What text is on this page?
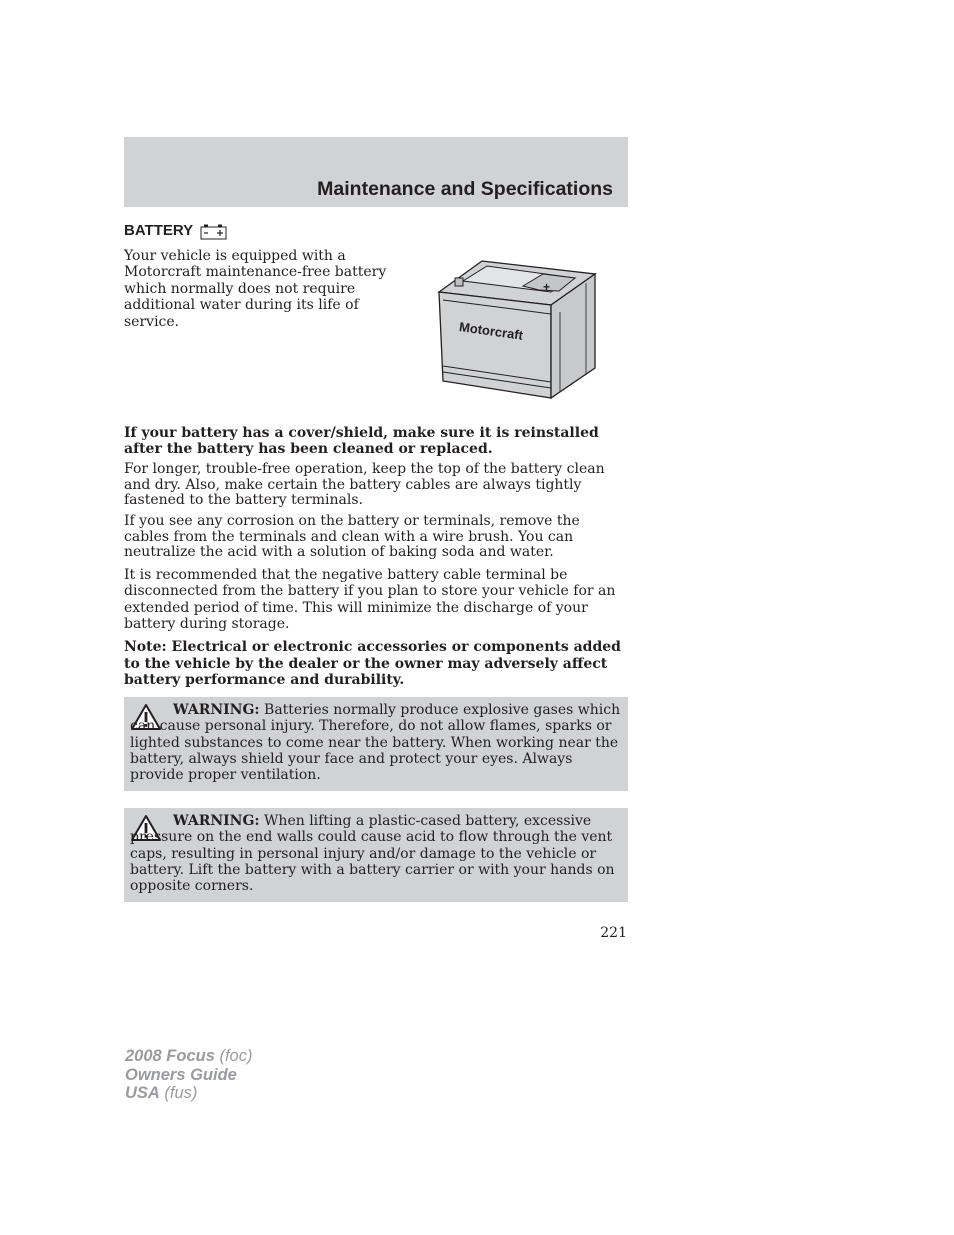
Maintenance and Specifications
BATTERY
Your vehicle is equipped with a Motorcraft maintenance-free battery which normally does not require additional water during its life of service.
+
Motorcraft

If your battery has a cover/shield, make sure it is reinstalled after the battery has been cleaned or replaced.

For longer, trouble-free operation, keep the top of the battery clean and dry. Also, make certain the battery cables are always tightly fastened to the battery terminals.

If you see any corrosion on the battery or terminals, remove the cables from the terminals and clean with a wire brush. You can neutralize the acid with a solution of baking soda and water.

It is recommended that the negative battery cable terminal be disconnected from the battery if you plan to store your vehicle for an extended period of time. This will minimize the discharge of your battery during storage.

Note: Electrical or electronic accessories or components added to the vehicle by the dealer or the owner may adversely affect battery performance and durability.

WARNING: Batteries normally produce explosive gases which can cause personal injury. Therefore, do not allow flames, sparks or lighted substances to come near the battery. When working near the battery, always shield your face and protect your eyes. Always provide proper ventilation.
WARNING: When lifting a plastic-cased battery, excessive pressure on the end walls could cause acid to flow through the vent caps, resulting in personal injury and/or damage to the vehicle or battery. Lift the battery with a battery carrier or with your hands on opposite corners.
221
2008 Focus (foc)
Owners Guide
USA (fus)
